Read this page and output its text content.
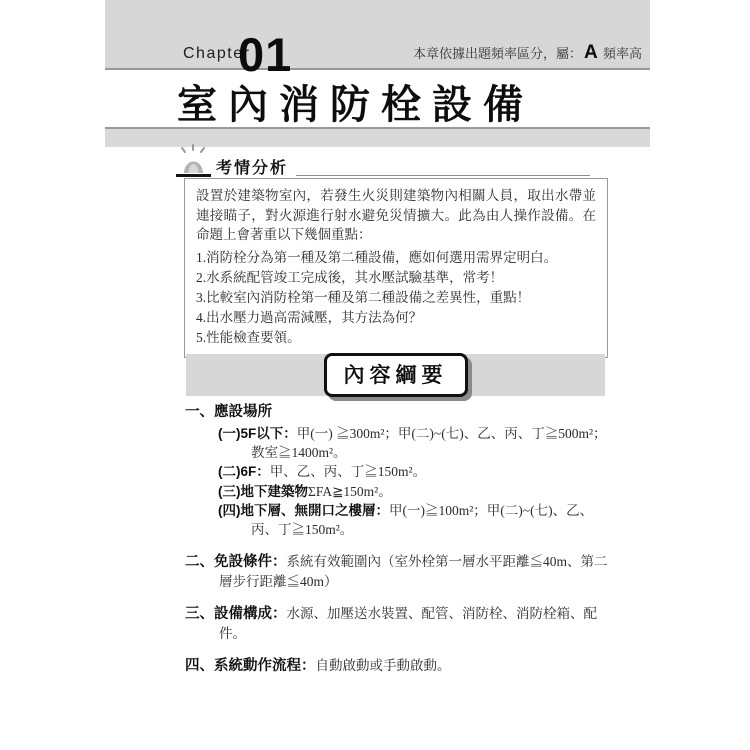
Chapter
01	本章依據出題頻率區分，屬： A 頻率高
室內消防栓設備
考情分析

設置於建築物室內，若發生火災則建築物內相關人員，取出水帶並連接瞄子，對火源進行射水避免災情擴大。此為由人操作設備。在命題上會著重以下幾個重點：

1.消防栓分為第一種及第二種設備，應如何選用需界定明白。
2.水系統配管竣工完成後，其水壓試驗基準，常考！
3.比較室內消防栓第一種及第二種設備之差異性，重點！
4.出水壓力過高需減壓，其方法為何？
5.性能檢查要領。
內容綱要
一、應設場所
(一)5F以下：甲(一) ≧300m²；甲(二)~(七)、乙、丙、丁≧500m²；教室≧1400m²。
(二)6F：甲、乙、丙、丁≧150m²。
(三)地下建築物ΣFA≧150m²。
(四)地下層、無開口之樓層：甲(一)≧100m²；甲(二)~(七)、乙、丙、丁≧150m²。
二、免設條件：系統有效範圍內（室外栓第一層水平距離≦40m、第二層步行距離≦40m）
三、設備構成：水源、加壓送水裝置、配管、消防栓、消防栓箱、配件。
四、系統動作流程：自動啟動或手動啟動。
